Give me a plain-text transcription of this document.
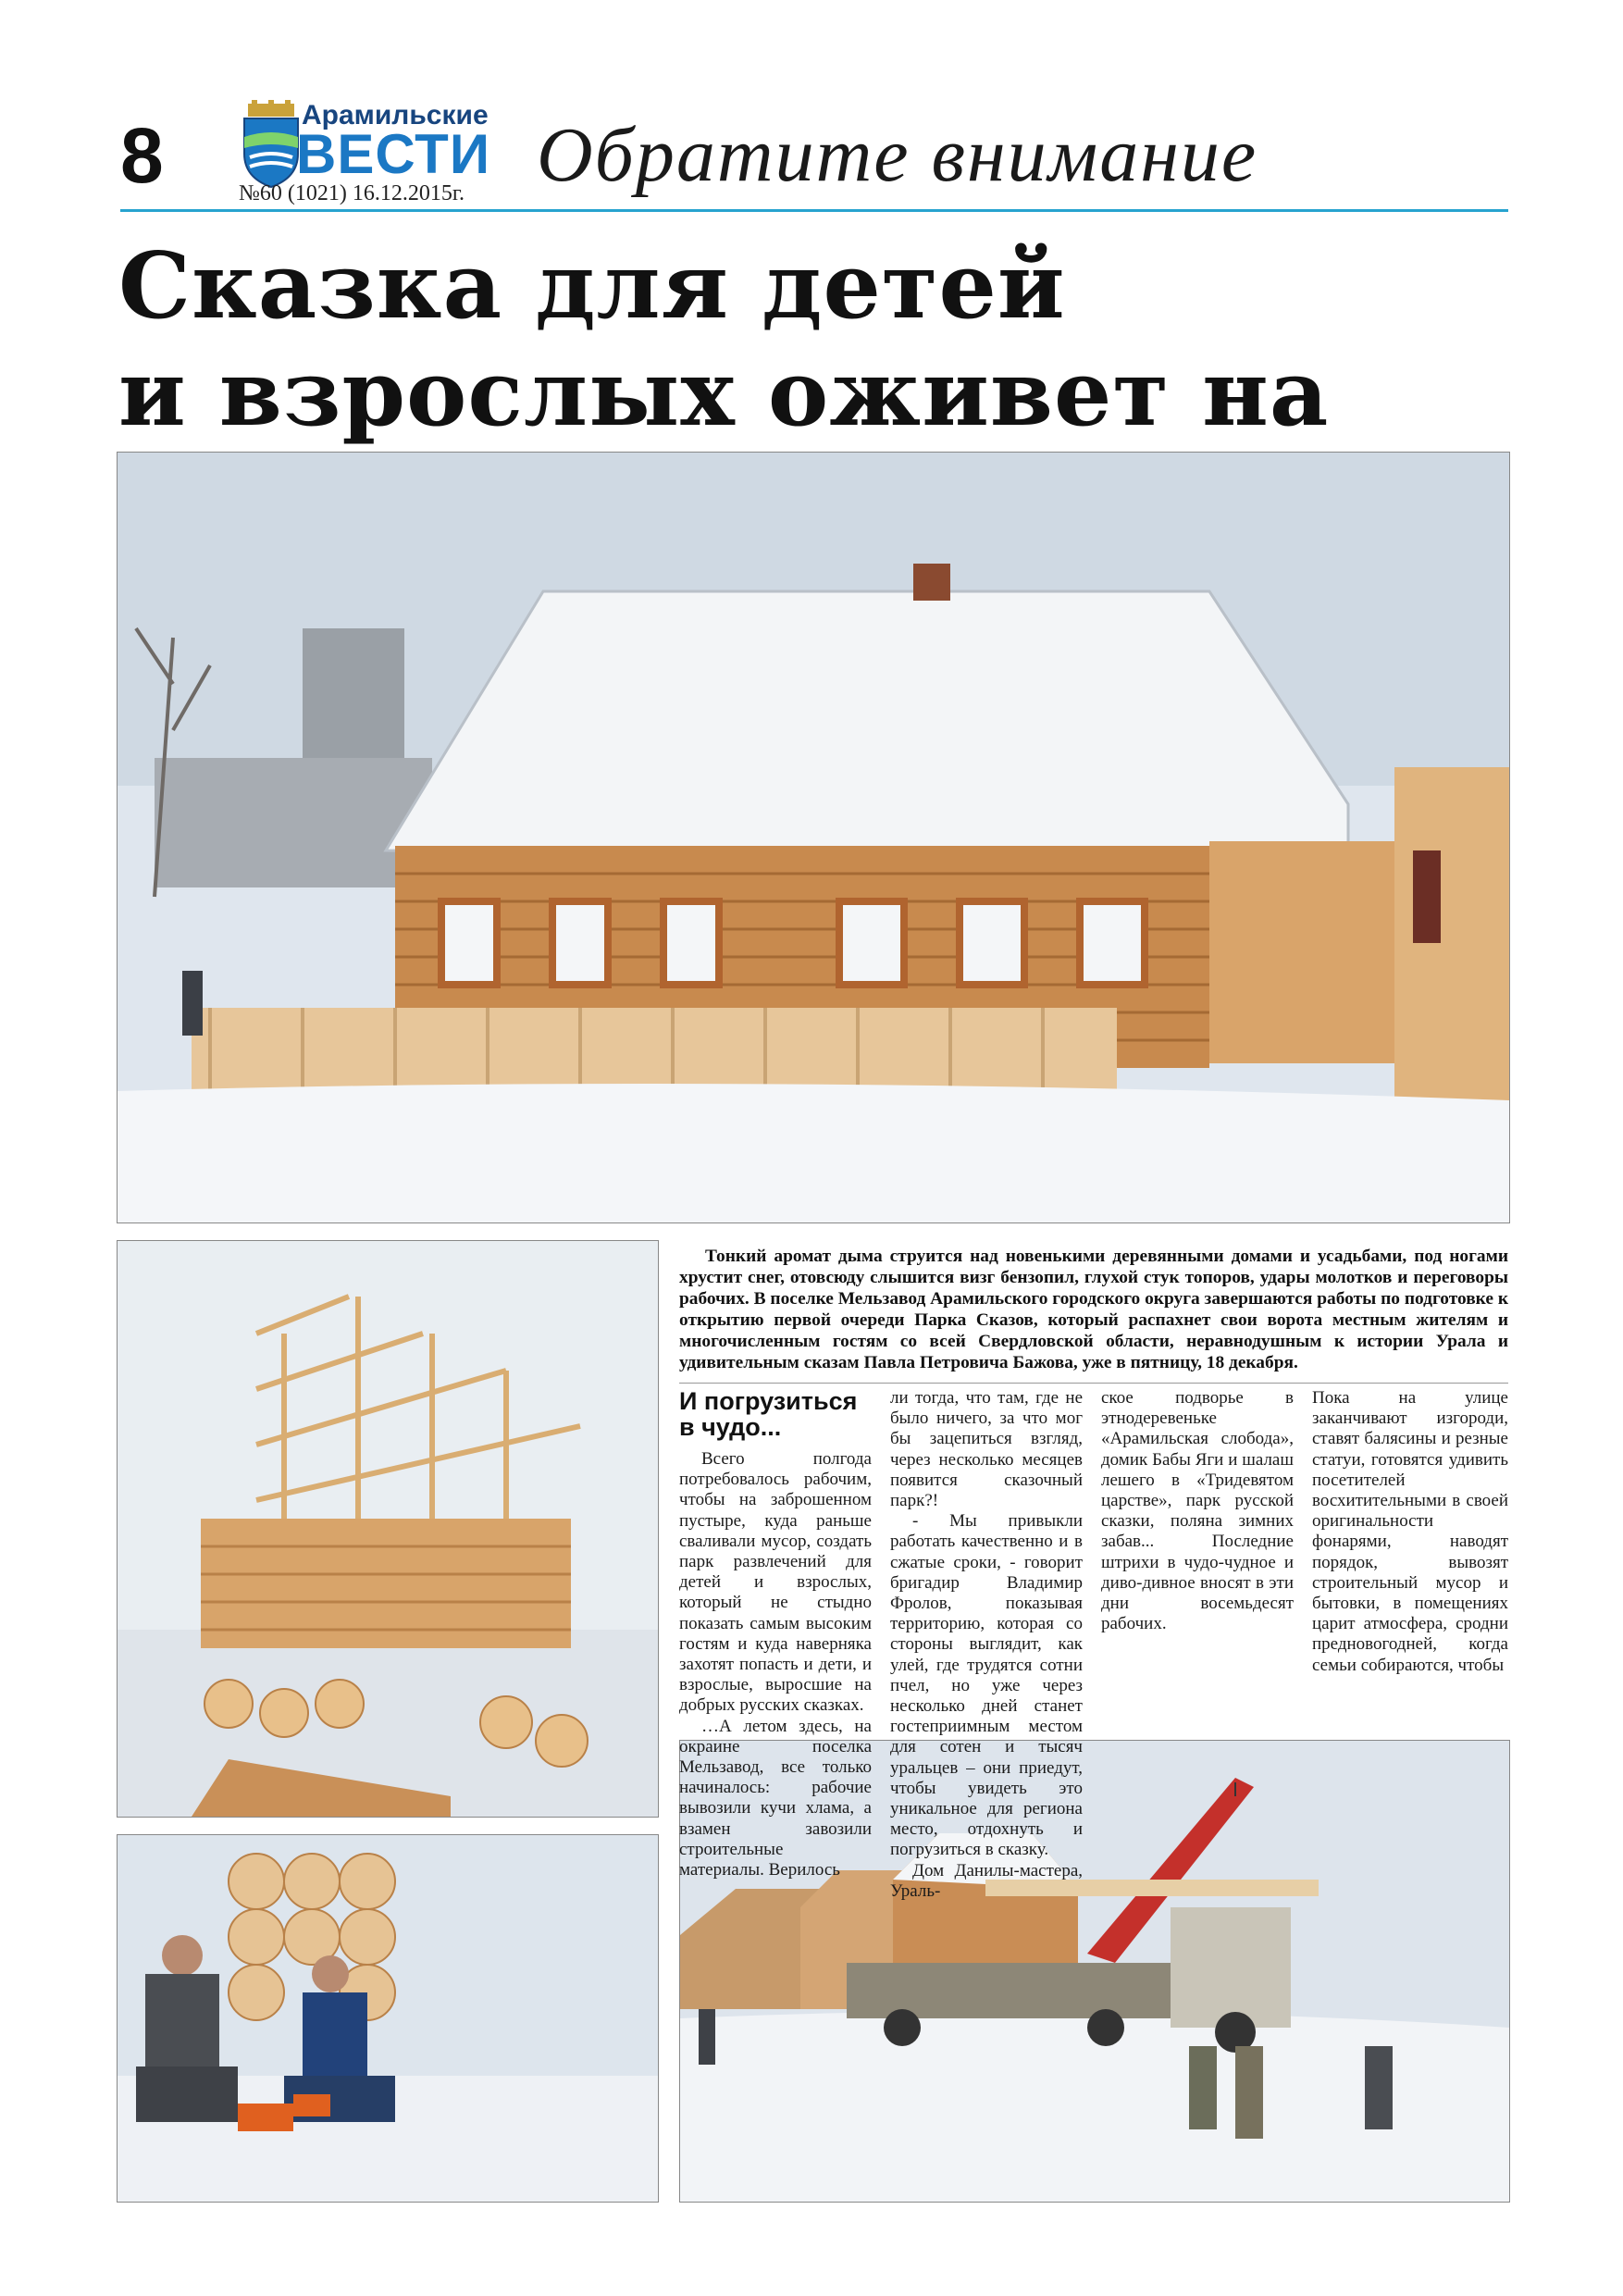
8	Арамильские
ВЕСТИ
№60 (1021) 16.12.2015г. Обратите внимание
Сказка для детей
и взрослых оживет на
Тонкий аромат дыма струится над новенькими деревянными домами и усадьбами, под ногами хрустит снег, отовсюду слышится визг бензопил, глухой стук топоров, удары молотков и переговоры рабочих. В поселке Мельзавод Арамильского городского округа завершаются работы по подготовке к открытию первой очереди Парка Сказов, который распахнет свои ворота местным жителям и многочисленным гостям со всей Свердловской области, неравнодушным к истории Урала и удивительным сказам Павла Петровича Бажова, уже в пятницу, 18 декабря.
И погрузиться в чудо...

Всего полгода потребовалось рабочим, чтобы на заброшенном пустыре, куда раньше сваливали мусор, создать парк развлечений для детей и взрослых, который не стыдно показать самым высоким гостям и куда наверняка захотят попасть и дети, и взрослые, выросшие на добрых русских сказках.

…А летом здесь, на окраине поселка Мельзавод, все только начиналось: рабочие вывозили кучи хлама, а взамен завозили строительные материалы. Верилось

ли тогда, что там, где не было ничего, за что мог бы зацепиться взгляд, через несколько месяцев появится сказочный парк?!

- Мы привыкли работать качественно и в сжатые сроки, - говорит бригадир Владимир Фролов, показывая территорию, которая со стороны выглядит, как улей, где трудятся сотни пчел, но уже через несколько дней станет гостеприимным местом для сотен и тысяч уральцев – они приедут, чтобы увидеть это уникальное для региона место, отдохнуть и погрузиться в сказку.

Дом Данилы-мастера, Ураль-

ское подворье в этнодеревеньке «Арамильская слобода», домик Бабы Яги и шалаш лешего в «Тридевятом царстве», парк русской сказки, поляна зимних забав... Последние штрихи в чудо-чудное и диво-дивное вносят в эти дни восемьдесят рабочих.

Пока на улице заканчивают изгороди, ставят балясины и резные статуи, готовятся удивить посетителей восхитительными в своей оригинальности фонарями, наводят порядок, вывозят строительный мусор и бытовки, в помещениях царит атмосфера, сродни предновогодней, когда семьи собираются, чтобы
